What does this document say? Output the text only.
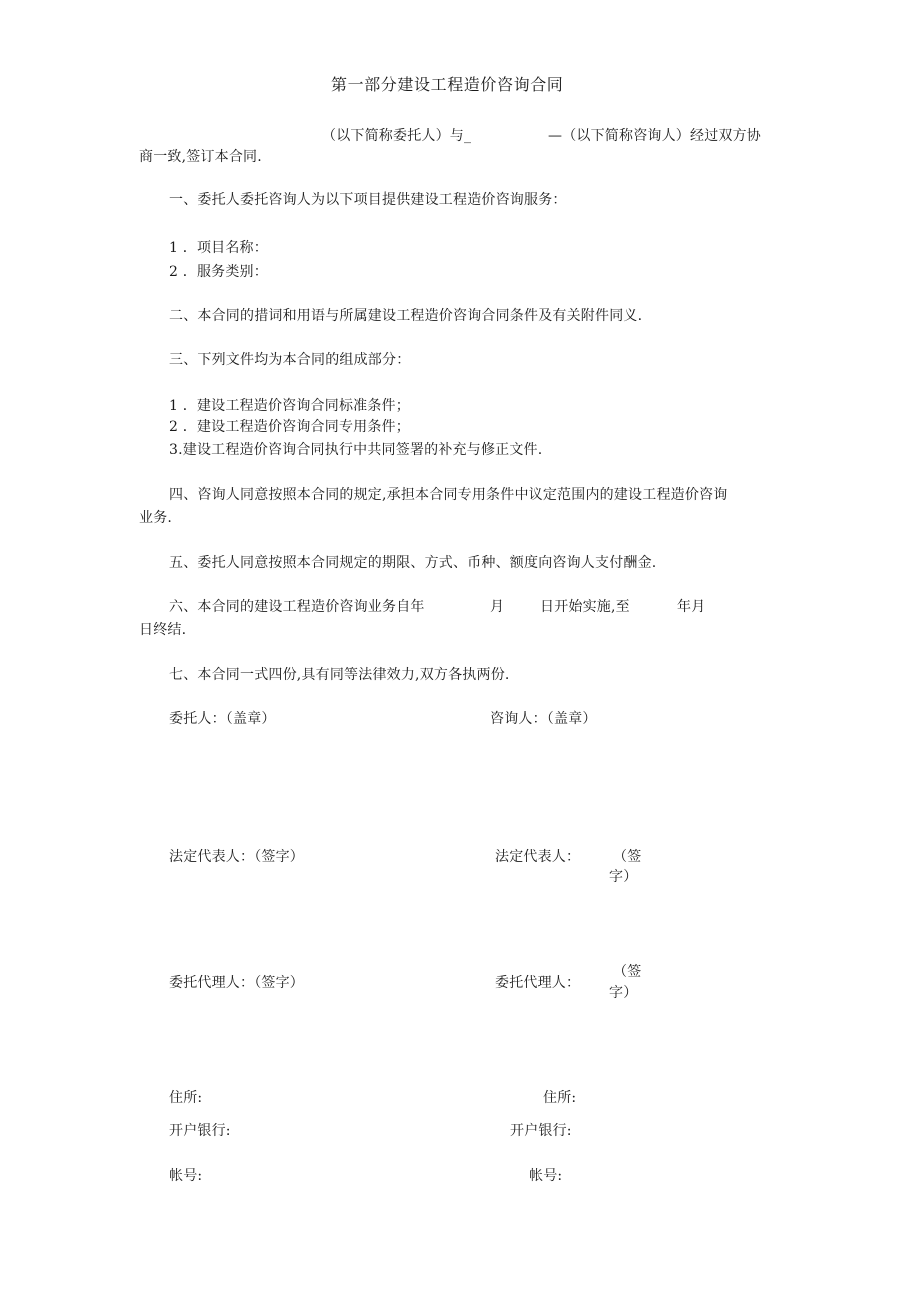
第一部分建设工程造价咨询合同
（以下简称委托人）与_	—（以下简称咨询人）经过双方协
商一致,签订本合同.
一、委托人委托咨询人为以下项目提供建设工程造价咨询服务：
1 ．项目名称：
2 ．服务类别：
二、本合同的措词和用语与所属建设工程造价咨询合同条件及有关附件同义.
三、下列文件均为本合同的组成部分：
1 ．建设工程造价咨询合同标准条件；
2 ．建设工程造价咨询合同专用条件；
3.建设工程造价咨询合同执行中共同签署的补充与修正文件.
四、咨询人同意按照本合同的规定,承担本合同专用条件中议定范围内的建设工程造价咨询
业务.
五、委托人同意按照本合同规定的期限、方式、币种、额度向咨询人支付酬金.
六、本合同的建设工程造价咨询业务自年	月	日开始实施,至	年月
日终结.
七、本合同一式四份,具有同等法律效力,双方各执两份.
委托人：（盖章）	咨询人：（盖章）
法定代表人：（签字）	法定代表人： （签
字）
委托代理人：（签字）	委托代理人：
（签
字）
住所:	住所:
开户银行:	开户银行:
帐号:	帐号:
